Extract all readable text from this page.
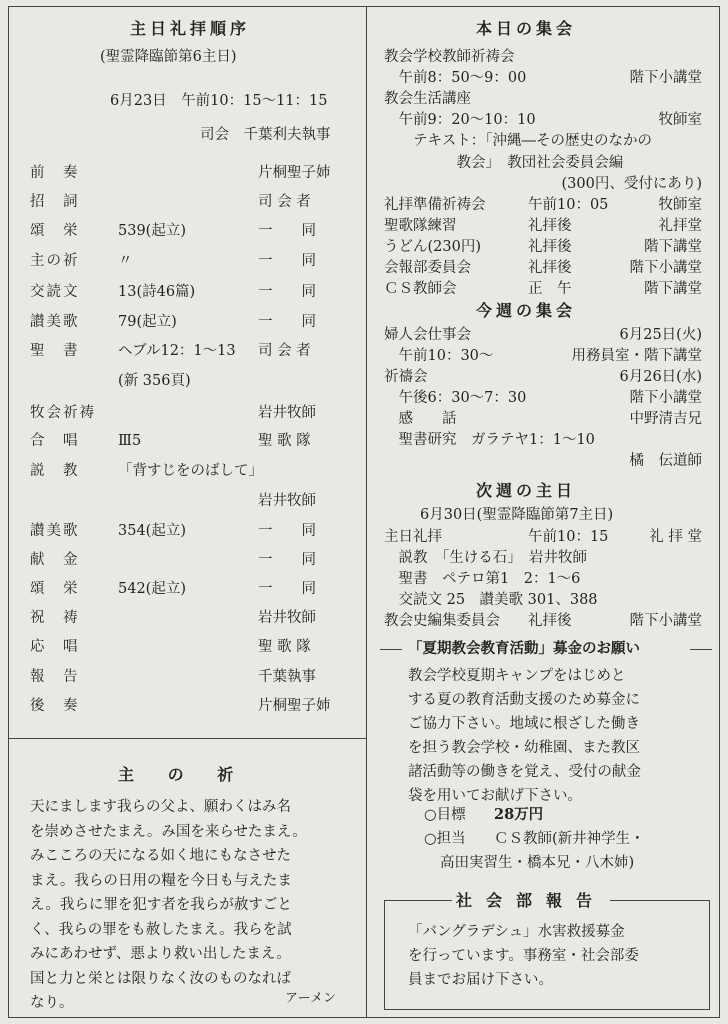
主日礼拝順序
(聖霊降臨節第6主日)
6月23日　午前10：15〜11：15
司会　千葉利夫執事
前　奏	片桐聖子姉
招　詞	司 会 者
頌　栄	539(起立)	一　　同
主の祈	〃	一　　同
交読文	13(詩46篇)	一　　同
讃美歌	79(起立)	一　　同
聖　書	ヘブル12：1〜13 司 会 者
(新 356頁)
牧会祈祷	岩井牧師
合　唱	Ⅲ5	聖 歌 隊
説　教	「背すじをのばして」
岩井牧師
讃美歌	354(起立)	一　　同
献　金	一　　同
頌　栄	542(起立)	一　　同
祝　祷	岩井牧師
応　唱	聖 歌 隊
報　告	千葉執事
後　奏	片桐聖子姉
主 の 祈
天にまします我らの父よ、願わくはみ名
を崇めさせたまえ。み国を来らせたまえ。
みこころの天になる如く地にもなさせた
まえ。我らの日用の糧を今日も与えたま
え。我らに罪を犯す者を我らが赦すごと
く、我らの罪をも赦したまえ。我らを試
みにあわせず、悪より救い出したまえ。
国と力と栄とは限りなく汝のものなれば
なり。	アーメン
本日の集会
教会学校教師祈祷会
　午前8：50〜9：00	階下小講堂
教会生活講座
　午前9：20〜10：10	牧師室
　　テキスト：「沖縄―その歴史のなかの
　　　　　教会」　教団社会委員会編
(300円、受付にあり)
礼拝準備祈祷会	午前10：05	牧師室
聖歌隊練習	礼拝後	礼拝堂
うどん(230円)	礼拝後	階下講堂
会報部委員会	礼拝後	階下小講堂
ＣＳ教師会	正　午	階下講堂
今週の集会
婦人会仕事会	6月25日(火)
　午前10：30〜	用務員室・階下講堂
祈禱会	6月26日(水)
　午後6：30〜7：30	階下小講堂
　感　　話	中野清吉兄
　聖書研究　ガラテヤ1：1〜10
橘　伝道師
次週の主日
6月30日(聖霊降臨節第7主日)
主日礼拝	午前10：15	礼 拝 堂
　説教　「生ける石」　岩井牧師
　聖書　ペテロ第1　2：1〜6
　交読文 25　讃美歌 301、388
教会史編集委員会 礼拝後	階下小講堂
「夏期教会教育活動」募金のお願い
教会学校夏期キャンプをはじめと
する夏の教育活動支援のため募金に
ご協力下さい。地域に根ざした働き
を担う教会学校・幼稚園、また教区
諸活動等の働きを覚え、受付の献金
袋を用いてお献げ下さい。
○目標 28万円
○担当 ＣＳ教師(新井神学生・
高田実習生・橋本兄・八木姉)
社会部報告
「バングラデシュ」水害救援募金
を行っています。事務室・社会部委
員までお届け下さい。
